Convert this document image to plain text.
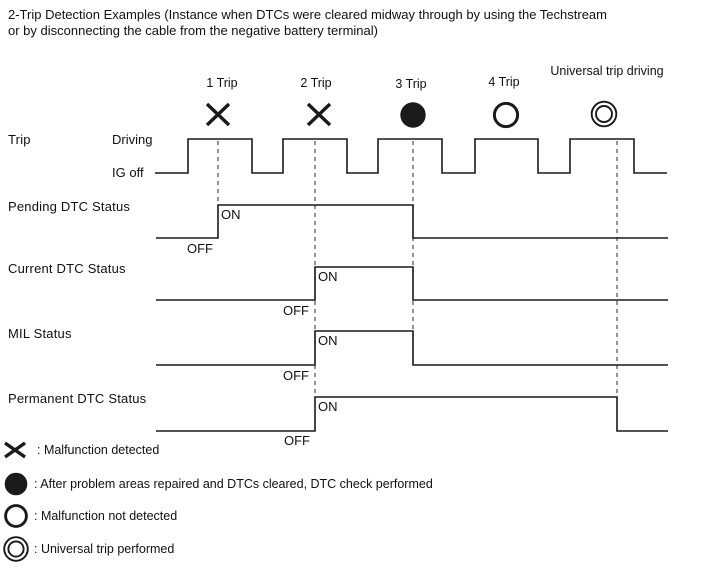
2-Trip Detection Examples (Instance when DTCs were cleared midway through by using the Techstream
or by disconnecting the cable from the negative battery terminal)
1 Trip	2 Trip	3 Trip	4 Trip
Universal trip driving
Trip	Driving
IG off
Pending DTC Status
ON
OFF
Current DTC Status
ON
OFF
MIL Status	ON
OFF
Permanent DTC Status
ON
OFF
: Malfunction detected
: After problem areas repaired and DTCs cleared, DTC check performed
: Malfunction not detected
: Universal trip performed
